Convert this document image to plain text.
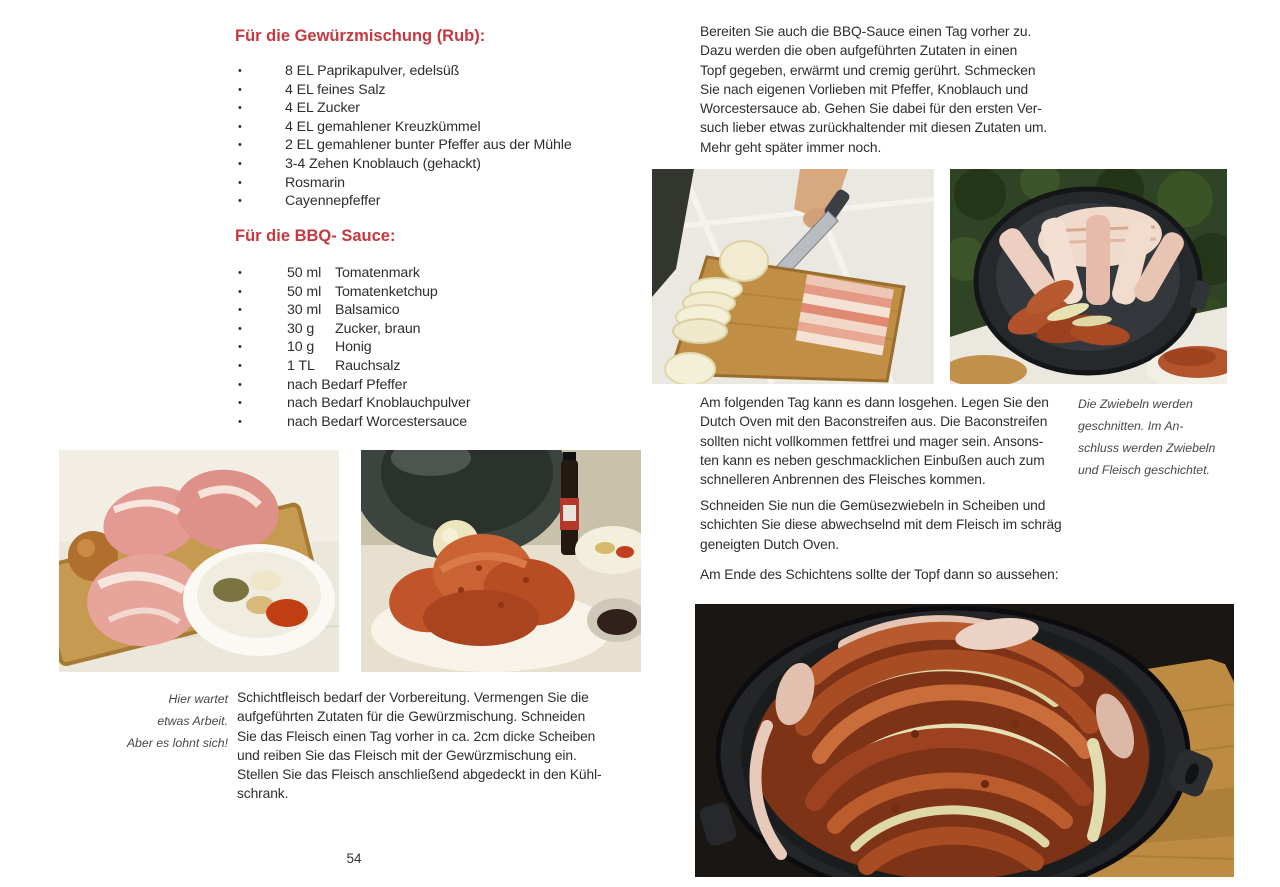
Für die Gewürzmischung (Rub):
•	8 EL Paprikapulver, edelsüß
•	4 EL feines Salz
•	4 EL Zucker
•	4 EL gemahlener Kreuzkümmel
•	2 EL gemahlener bunter Pfeffer aus der Mühle
•	3-4 Zehen Knoblauch (gehackt)
•	Rosmarin
•	Cayennepfeffer
Für die BBQ- Sauce:
•	50 ml Tomatenmark
•	50 ml Tomatenketchup
•	30 ml Balsamico
•	30 g Zucker, braun
•	10 g Honig
•	1 TL Rauchsalz
•	nach Bedarf Pfeffer
•	nach Bedarf Knoblauchpulver
•	nach Bedarf Worcestersauce
Hier wartet
etwas Arbeit.
Aber es lohnt sich!
Schichtfleisch bedarf der Vorbereitung. Vermengen Sie die
aufgeführten Zutaten für die Gewürzmischung. Schneiden
Sie das Fleisch einen Tag vorher in ca. 2cm dicke Scheiben
und reiben Sie das Fleisch mit der Gewürzmischung ein.
Stellen Sie das Fleisch anschließend abgedeckt in den Kühl-
schrank.
54
Bereiten Sie auch die BBQ-Sauce einen Tag vorher zu.
Dazu werden die oben aufgeführten Zutaten in einen
Topf gegeben, erwärmt und cremig gerührt. Schmecken
Sie nach eigenen Vorlieben mit Pfeffer, Knoblauch und
Worcestersauce ab. Gehen Sie dabei für den ersten Ver-
such lieber etwas zurückhaltender mit diesen Zutaten um.
Mehr geht später immer noch.
Am folgenden Tag kann es dann losgehen. Legen Sie den
Dutch Oven mit den Baconstreifen aus. Die Baconstreifen
sollten nicht vollkommen fettfrei und mager sein. Ansons-
ten kann es neben geschmacklichen Einbußen auch zum
schnelleren Anbrennen des Fleisches kommen.
Die Zwiebeln werden
geschnitten. Im An-
schluss werden Zwiebeln
und Fleisch geschichtet.
Schneiden Sie nun die Gemüsezwiebeln in Scheiben und
schichten Sie diese abwechselnd mit dem Fleisch im schräg
geneigten Dutch Oven.

Am Ende des Schichtens sollte der Topf dann so aussehen:
